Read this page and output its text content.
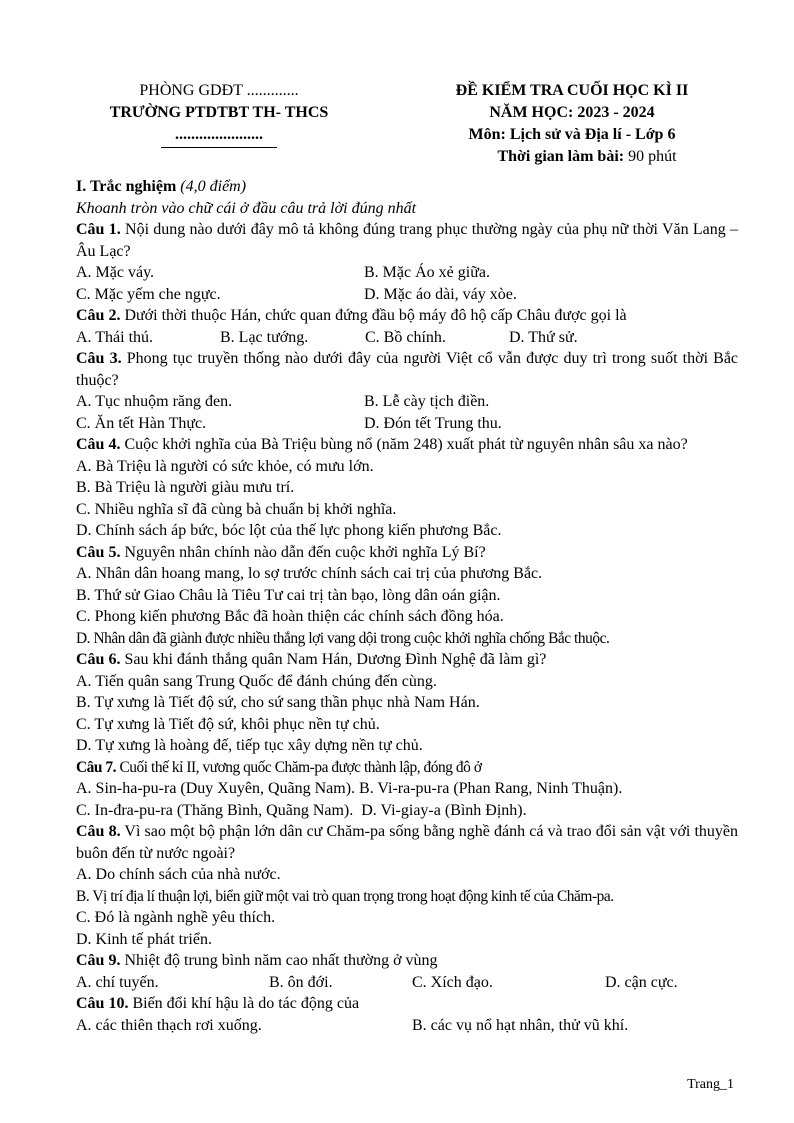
PHÒNG GDĐT .............
TRƯỜNG PTDTBT TH- THCS
......................
ĐỀ KIỂM TRA CUỐI HỌC KÌ II
NĂM HỌC: 2023 - 2024
Môn: Lịch sử và Địa lí - Lớp 6
Thời gian làm bài: 90 phút
I. Trắc nghiệm (4,0 điểm)
Khoanh tròn vào chữ cái ở đầu câu trả lời đúng nhất
Câu 1. Nội dung nào dưới đây mô tả không đúng trang phục thường ngày của phụ nữ thời Văn Lang – Âu Lạc?
A. Mặc váy.	B. Mặc Áo xẻ giữa.
C. Mặc yếm che ngực.	D. Mặc áo dài, váy xòe.
Câu 2. Dưới thời thuộc Hán, chức quan đứng đầu bộ máy đô hộ cấp Châu được gọi là
A. Thái thú.	B. Lạc tướng.	C. Bồ chính.	D. Thứ sử.
Câu 3. Phong tục truyền thống nào dưới đây của người Việt cổ vẫn được duy trì trong suốt thời Bắc thuộc?
A. Tục nhuộm răng đen.	B. Lễ cày tịch điền.
C. Ăn tết Hàn Thực.	D. Đón tết Trung thu.
Câu 4. Cuộc khởi nghĩa của Bà Triệu bùng nổ (năm 248) xuất phát từ nguyên nhân sâu xa nào?
A. Bà Triệu là người có sức khỏe, có mưu lớn.
B. Bà Triệu là người giàu mưu trí.
C. Nhiều nghĩa sĩ đã cùng bà chuẩn bị khởi nghĩa.
D. Chính sách áp bức, bóc lột của thế lực phong kiến phương Bắc.
Câu 5. Nguyên nhân chính nào dẫn đến cuộc khởi nghĩa Lý Bí?
A. Nhân dân hoang mang, lo sợ trước chính sách cai trị của phương Bắc.
B. Thứ sử Giao Châu là Tiêu Tư cai trị tàn bạo, lòng dân oán giận.
C. Phong kiến phương Bắc đã hoàn thiện các chính sách đồng hóa.
D. Nhân dân đã giành được nhiều thắng lợi vang dội trong cuộc khởi nghĩa chống Bắc thuộc.
Câu 6. Sau khi đánh thắng quân Nam Hán, Dương Đình Nghệ đã làm gì?
A. Tiến quân sang Trung Quốc để đánh chúng đến cùng.
B. Tự xưng là Tiết độ sứ, cho sứ sang thần phục nhà Nam Hán.
C. Tự xưng là Tiết độ sứ, khôi phục nền tự chủ.
D. Tự xưng là hoàng đế, tiếp tục xây dựng nền tự chủ.
Câu 7. Cuối thế kỉ II, vương quốc Chăm-pa được thành lập, đóng đô ở
A. Sin-ha-pu-ra (Duy Xuyên, Quãng Nam).
B. Vi-ra-pu-ra (Phan Rang, Ninh Thuận).
C. In-đra-pu-ra (Thăng Bình, Quãng Nam).
D. Vi-giay-a (Bình Định).
Câu 8. Vì sao một bộ phận lớn dân cư Chăm-pa sống bằng nghề đánh cá và trao đổi sản vật với thuyền buôn đến từ nước ngoài?
A. Do chính sách của nhà nước.
B. Vị trí địa lí thuận lợi, biển giữ một vai trò quan trọng trong hoạt động kinh tế của Chăm-pa.
C. Đó là ngành nghề yêu thích.
D. Kinh tế phát triển.
Câu 9. Nhiệt độ trung bình năm cao nhất thường ở vùng
A. chí tuyến.	B. ôn đới.	C. Xích đạo.	D. cận cực.
Câu 10. Biến đổi khí hậu là do tác động của
A. các thiên thạch rơi xuống.	B. các vụ nổ hạt nhân, thử vũ khí.
Trang_1
